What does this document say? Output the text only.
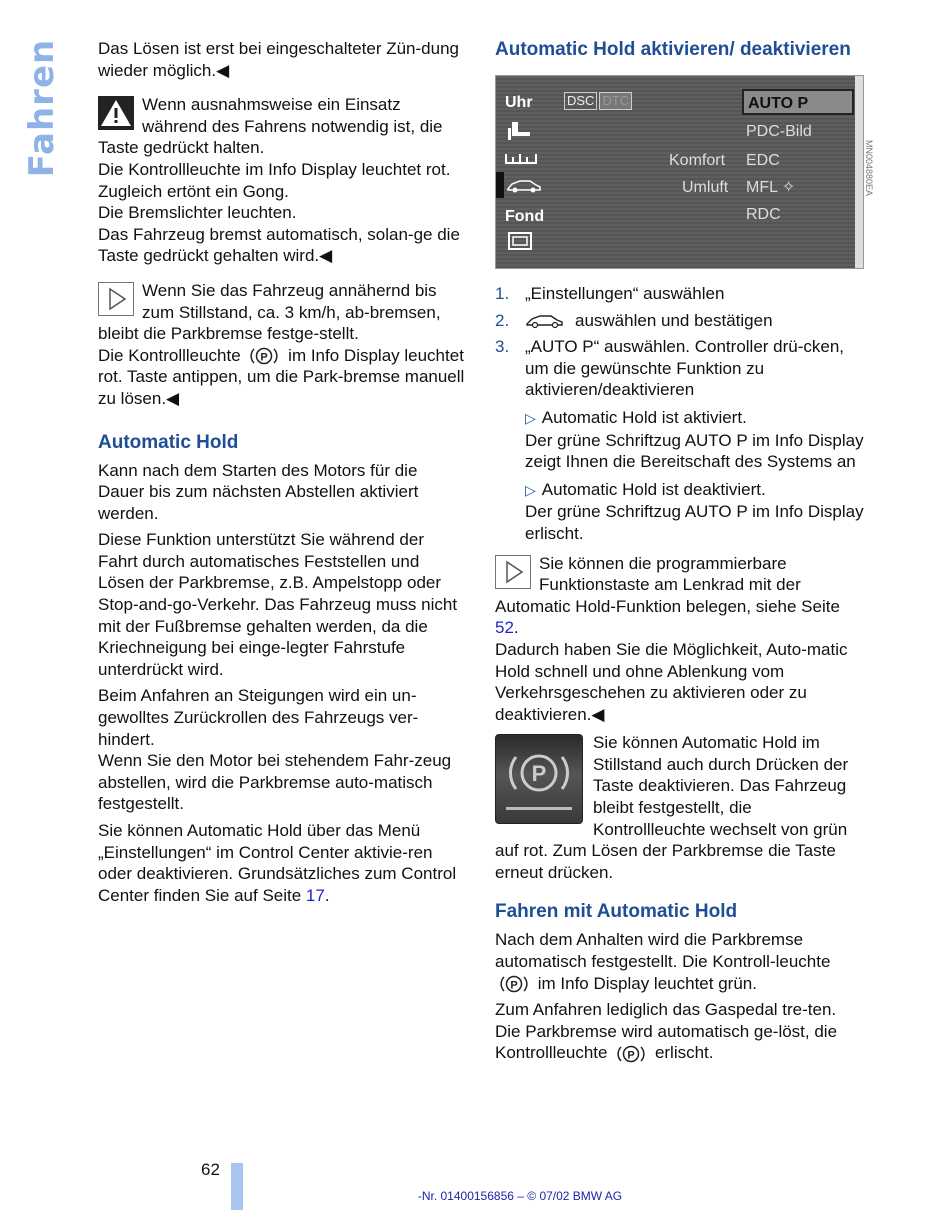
Fahren Das Lösen ist erst bei eingeschalteter Zün-dung wieder möglich.◀

Wenn ausnahmsweise ein Einsatz während des Fahrens notwendig ist, die Taste gedrückt halten.

Die Kontrollleuchte im Info Display leuchtet rot. Zugleich ertönt ein Gong.

Die Bremslichter leuchten.

Das Fahrzeug bremst automatisch, solan-ge die Taste gedrückt gehalten wird.◀

Wenn Sie das Fahrzeug annähernd bis zum Stillstand, ca. 3 km/h, ab-bremsen, bleibt die Parkbremse festge-stellt.

Die Kontrollleuchte P im Info Display leuchtet rot. Taste antippen, um die Park-bremse manuell zu lösen.◀

Automatic Hold

Kann nach dem Starten des Motors für die Dauer bis zum nächsten Abstellen aktiviert werden.

Diese Funktion unterstützt Sie während der Fahrt durch automatisches Feststellen und Lösen der Parkbremse, z.B. Ampelstopp oder Stop-and-go-Verkehr. Das Fahrzeug muss nicht mit der Fußbremse gehalten werden, da die Kriechneigung bei einge-legter Fahrstufe unterdrückt wird.

Beim Anfahren an Steigungen wird ein un-gewolltes Zurückrollen des Fahrzeugs ver-hindert.

Wenn Sie den Motor bei stehendem Fahr-zeug abstellen, wird die Parkbremse auto-matisch festgestellt.

Sie können Automatic Hold über das Menü „Einstellungen“ im Control Center aktivie-ren oder deaktivieren. Grundsätzliches zum Control Center finden Sie auf Seite 17.

Automatic Hold aktivieren/ deaktivieren
Uhr
Fond
DSC DTC	AUTO P
PDC-Bild
Komfort EDC
Umluft MFL ✧
RDC
MN004880EA
1. „Einstellungen“ auswählen
2.	auswählen und bestätigen
3. „AUTO P“ auswählen. Controller drü-cken, um die gewünschte Funktion zu aktivieren/deaktivieren
▷ Automatic Hold ist aktiviert.
Der grüne Schriftzug AUTO P im Info Display zeigt Ihnen die Bereitschaft des Systems an
▷ Automatic Hold ist deaktiviert.
Der grüne Schriftzug AUTO P im Info Display erlischt.

Sie können die programmierbare Funktionstaste am Lenkrad mit der Automatic Hold-Funktion belegen, siehe Seite 52.

Dadurch haben Sie die Möglichkeit, Auto-matic Hold schnell und ohne Ablenkung vom Verkehrsgeschehen zu aktivieren oder zu deaktivieren.◀

P
Sie können Automatic Hold im Stillstand auch durch Drücken der Taste deaktivieren. Das Fahrzeug bleibt festgestellt, die Kontrollleuchte wechselt von grün auf rot. Zum Lösen der Parkbremse die Taste erneut drücken.

Fahren mit Automatic Hold

Nach dem Anhalten wird die Parkbremse automatisch festgestellt. Die Kontroll-leuchte
P im Info Display leuchtet grün.

Zum Anfahren lediglich das Gaspedal tre-ten. Die Parkbremse wird automatisch ge-löst, die Kontrollleuchte P erlischt.

62
-Nr. 01400156856 – © 07/02 BMW AG
